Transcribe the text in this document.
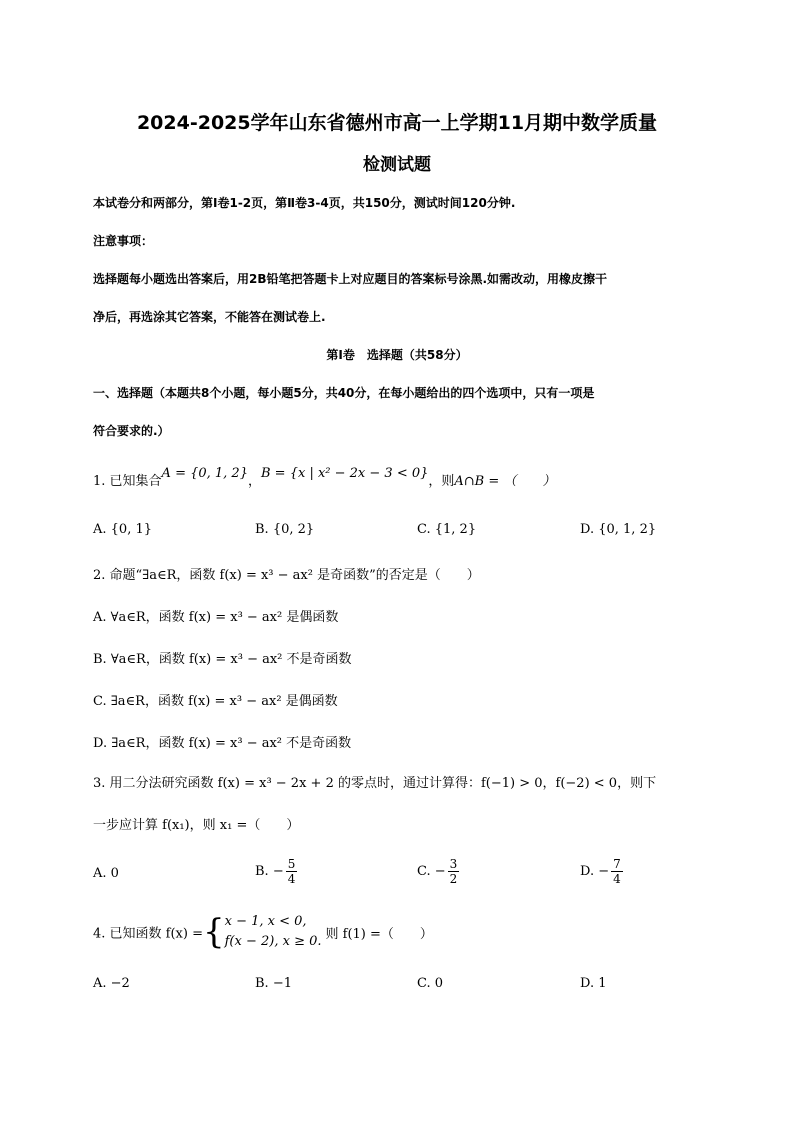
2024-2025学年山东省德州市高一上学期11月期中数学质量
检测试题
本试卷分和两部分，第Ⅰ卷1-2页，第Ⅱ卷3-4页，共150分，测试时间120分钟.
注意事项：
选择题每小题选出答案后，用2B铅笔把答题卡上对应题目的答案标号涂黑.如需改动，用橡皮擦干
净后，再选涂其它答案，不能答在测试卷上.
第Ⅰ卷　选择题（共58分）
一、选择题（本题共8个小题，每小题5分，共40分，在每小题给出的四个选项中，只有一项是
符合要求的.）
1. 已知集合A = {0, 1, 2}，B = {x | x² − 2x − 3 < 0}，则A∩B = （　　）
A. {0, 1}	B. {0, 2}	C. {1, 2}	D. {0, 1, 2}
2. 命题“∃a∈R，函数 f(x) = x³ − ax² 是奇函数”的否定是（　　）
A. ∀a∈R，函数 f(x) = x³ − ax² 是偶函数
B. ∀a∈R，函数 f(x) = x³ − ax² 不是奇函数
C. ∃a∈R，函数 f(x) = x³ − ax² 是偶函数
D. ∃a∈R，函数 f(x) = x³ − ax² 不是奇函数
3. 用二分法研究函数 f(x) = x³ − 2x + 2 的零点时，通过计算得：f(−1) > 0，f(−2) < 0，则下
一步应计算 f(x₁)，则 x₁ =（　　）
A. 0	B. − $\frac{5}{4}$	C. − $\frac{3}{2}$	D. − $\frac{7}{4}$
4. 已知函数 f(x) ={ x − 1, x < 0,
f(x − 2), x ≥ 0. 则 f(1) =（　　）
A. −2	B. −1	C. 0	D. 1
